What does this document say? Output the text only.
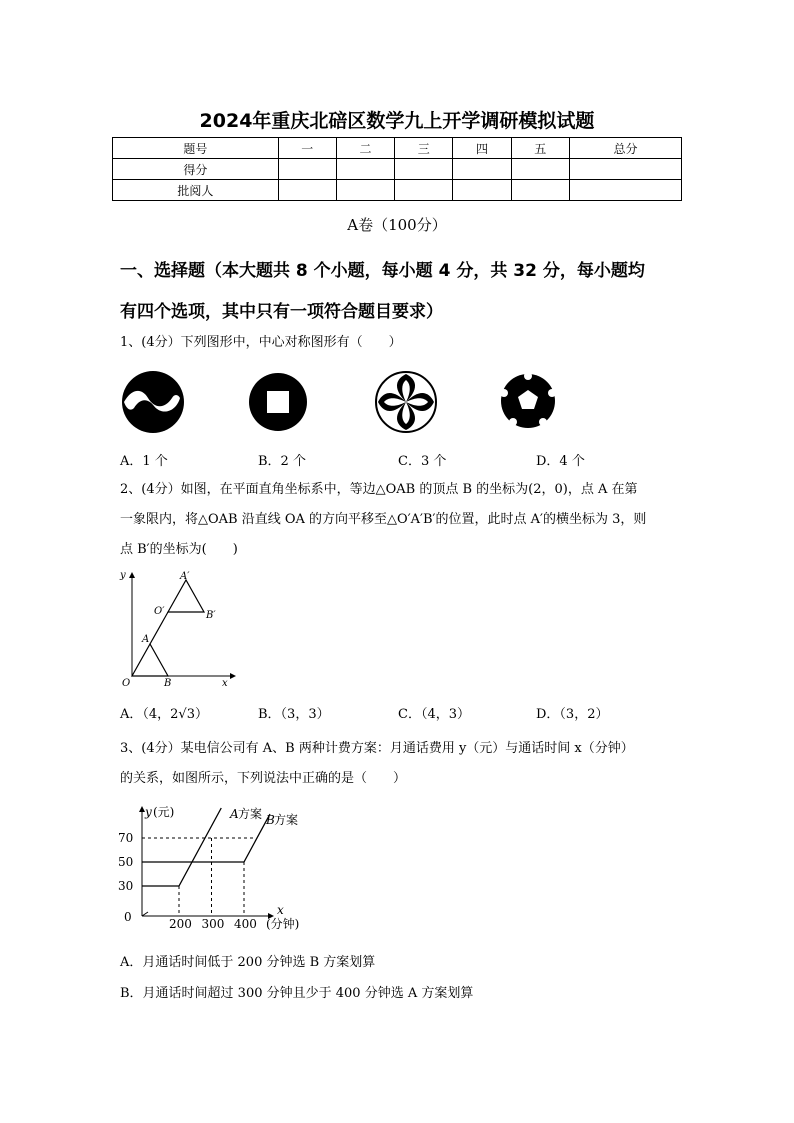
2024年重庆北碚区数学九上开学调研模拟试题
题号	一	二	三	四	五	总分
得分						
批阅人						
A卷（100分）
一、选择题（本大题共 8 个小题，每小题 4 分，共 32 分，每小题均
有四个选项，其中只有一项符合题目要求）
1、(4分）下列图形中，中心对称图形有（　　）
A．1 个	B．2 个	C．3 个	D．4 个
2、(4分）如图，在平面直角坐标系中，等边△OAB 的顶点 B 的坐标为(2，0)，点 A 在第
一象限内，将△OAB 沿直线 OA 的方向平移至△O′A′B′的位置，此时点 A′的横坐标为 3，则
点 B′的坐标为(　　)
y
x
O	B
A
O′
A′
B′
A．（4，2√3）	B．（3，3）	C．（4，3）	D．（3，2）
3、(4分）某电信公司有 A、B 两种计费方案：月通话费用 y（元）与通话时间 x（分钟）
的关系，如图所示，下列说法中正确的是（　　）
y (元)
0	x
(分钟)
30
50
70
200 300 400
A 方案 B 方案
A．月通话时间低于 200 分钟选 B 方案划算
B．月通话时间超过 300 分钟且少于 400 分钟选 A 方案划算
